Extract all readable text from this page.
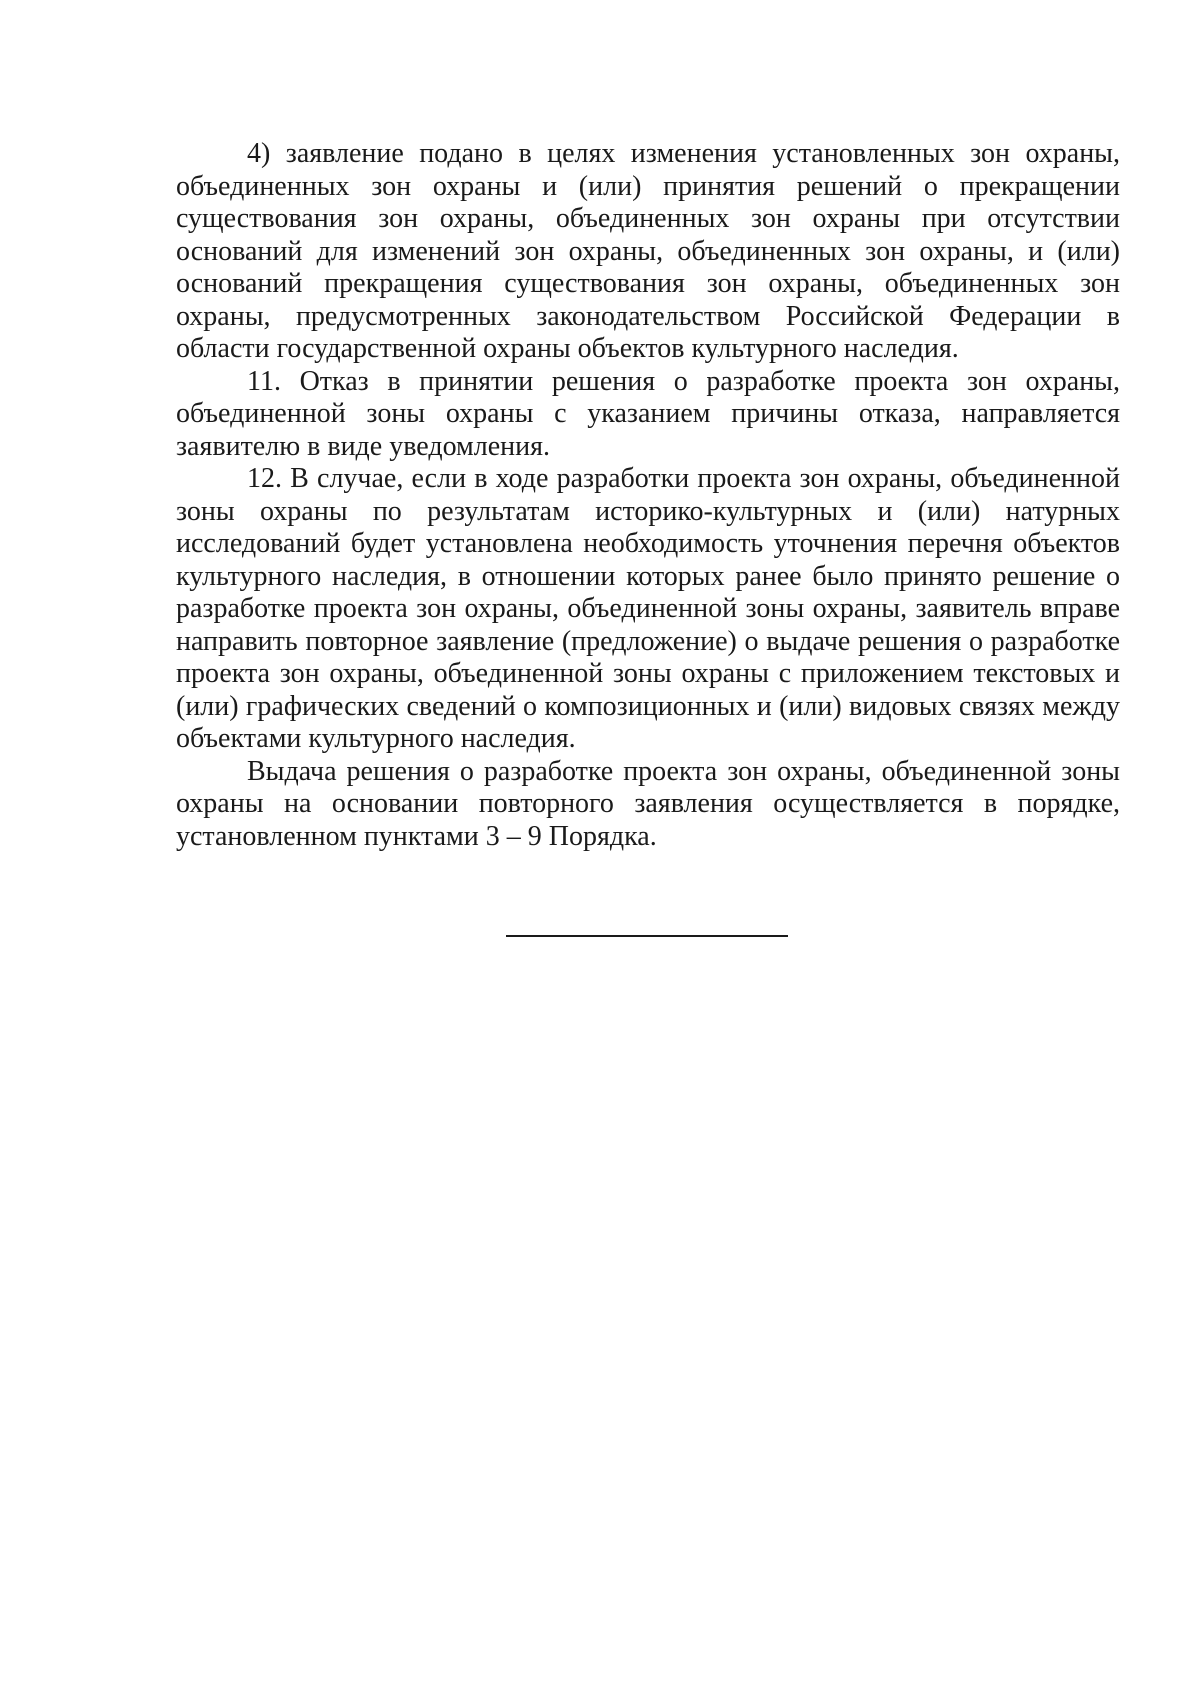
4) заявление подано в целях изменения установленных зон охраны, объединенных зон охраны и (или) принятия решений о прекращении существования зон охраны, объединенных зон охраны при отсутствии оснований для изменений зон охраны, объединенных зон охраны, и (или) оснований прекращения существования зон охраны, объединенных зон охраны, предусмотренных законодательством Российской Федерации в области государственной охраны объектов культурного наследия.

11. Отказ в принятии решения о разработке проекта зон охраны, объединенной зоны охраны с указанием причины отказа, направляется заявителю в виде уведомления.

12. В случае, если в ходе разработки проекта зон охраны, объединенной зоны охраны по результатам историко-культурных и (или) натурных исследований будет установлена необходимость уточнения перечня объектов культурного наследия, в отношении которых ранее было принято решение о разработке проекта зон охраны, объединенной зоны охраны, заявитель вправе направить повторное заявление (предложение) о выдаче решения о разработке проекта зон охраны, объединенной зоны охраны с приложением текстовых и (или) графических сведений о композиционных и (или) видовых связях между объектами культурного наследия.

Выдача решения о разработке проекта зон охраны, объединенной зоны охраны на основании повторного заявления осуществляется в порядке, установленном пунктами 3 – 9 Порядка.
